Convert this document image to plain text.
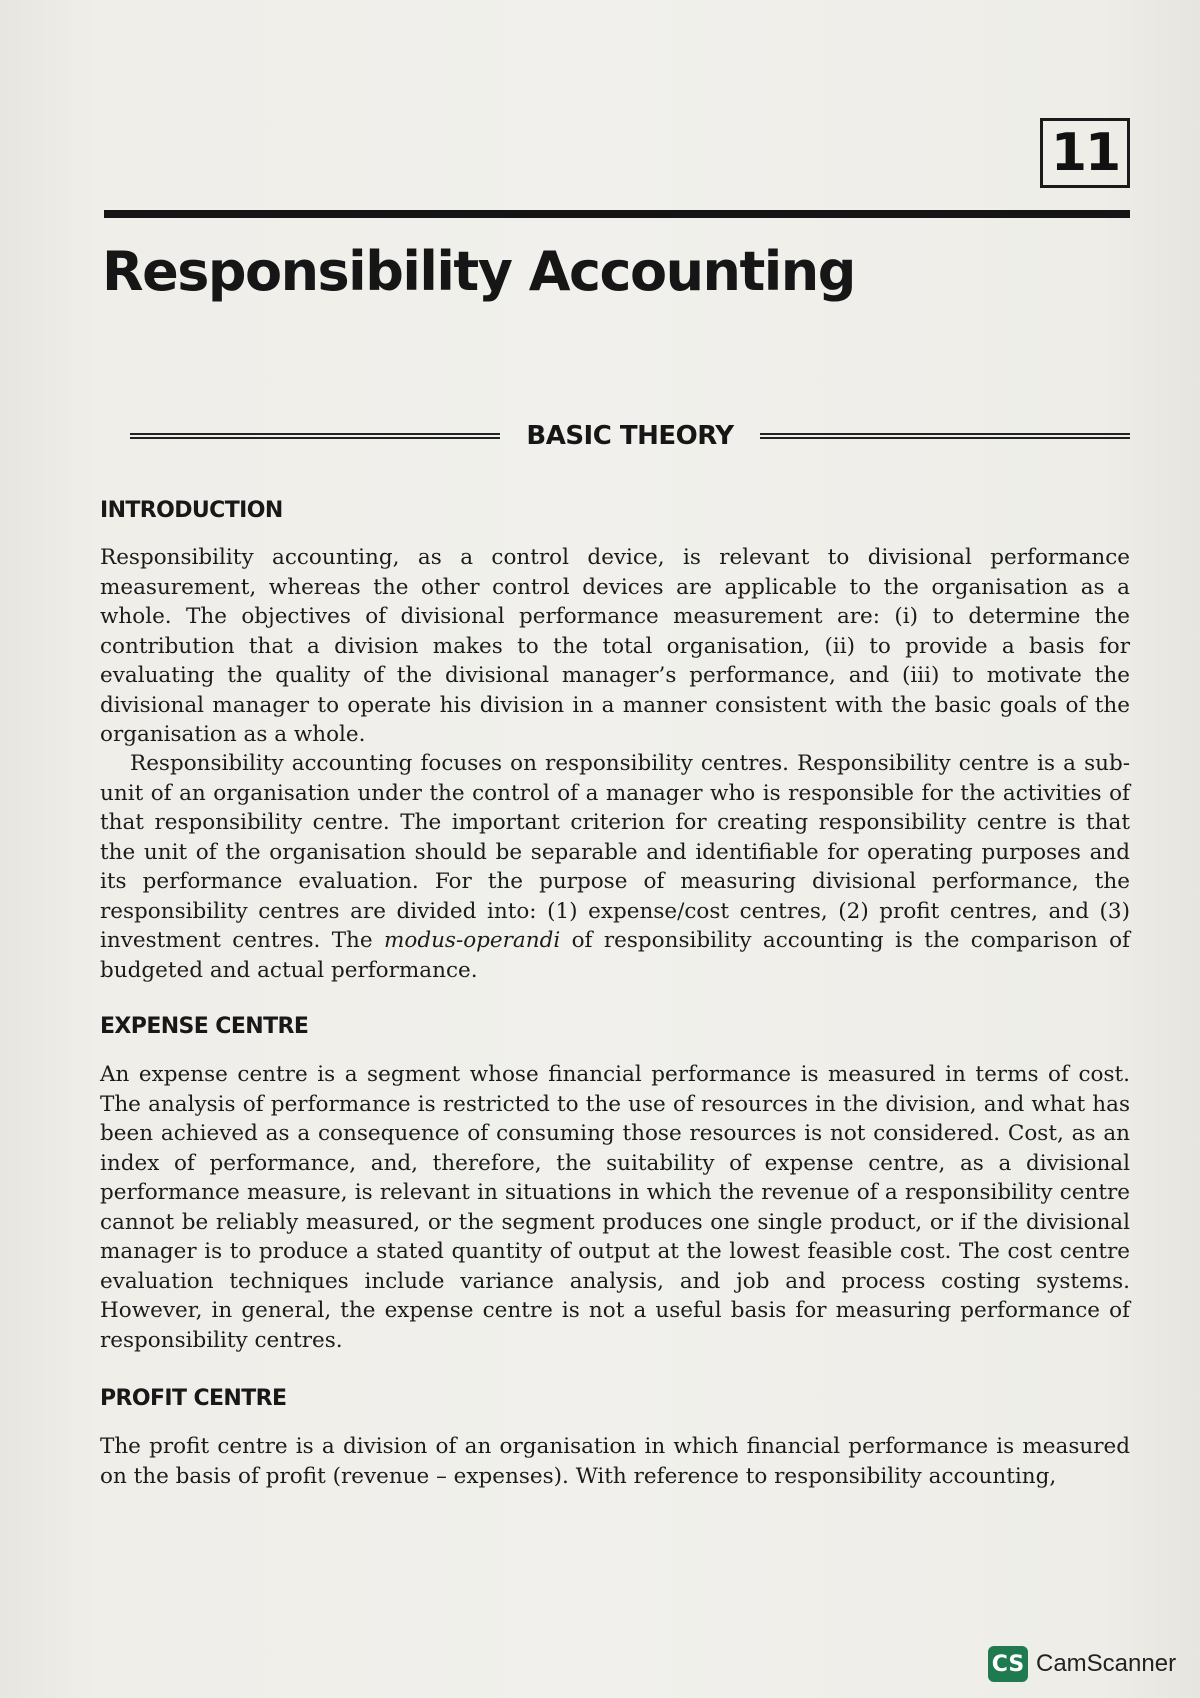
11
Responsibility Accounting
BASIC THEORY
INTRODUCTION

Responsibility accounting, as a control device, is relevant to divisional performance measurement, whereas the other control devices are applicable to the organisation as a whole. The objectives of divisional performance measurement are: (i) to determine the contribution that a division makes to the total organisation, (ii) to provide a basis for evaluating the quality of the divisional manager’s performance, and (iii) to motivate the divisional manager to operate his division in a manner consistent with the basic goals of the organisation as a whole.

Responsibility accounting focuses on responsibility centres. Responsibility centre is a sub-unit of an organisation under the control of a manager who is responsible for the activities of that responsibility centre. The important criterion for creating responsibility centre is that the unit of the organisation should be separable and identifiable for operating purposes and its performance evaluation. For the purpose of measuring divisional performance, the responsibility centres are divided into: (1) expense/cost centres, (2) profit centres, and (3) investment centres. The modus-operandi of responsibility accounting is the comparison of budgeted and actual performance.

EXPENSE CENTRE

An expense centre is a segment whose financial performance is measured in terms of cost. The analysis of performance is restricted to the use of resources in the division, and what has been achieved as a consequence of consuming those resources is not considered. Cost, as an index of performance, and, therefore, the suitability of expense centre, as a divisional performance measure, is relevant in situations in which the revenue of a responsibility centre cannot be reliably measured, or the segment produces one single product, or if the divisional manager is to produce a stated quantity of output at the lowest feasible cost. The cost centre evaluation techniques include variance analysis, and job and process costing systems. However, in general, the expense centre is not a useful basis for measuring performance of responsibility centres.

PROFIT CENTRE

The profit centre is a division of an organisation in which financial performance is measured on the basis of profit (revenue – expenses). With reference to responsibility accounting,

CS CamScanner
